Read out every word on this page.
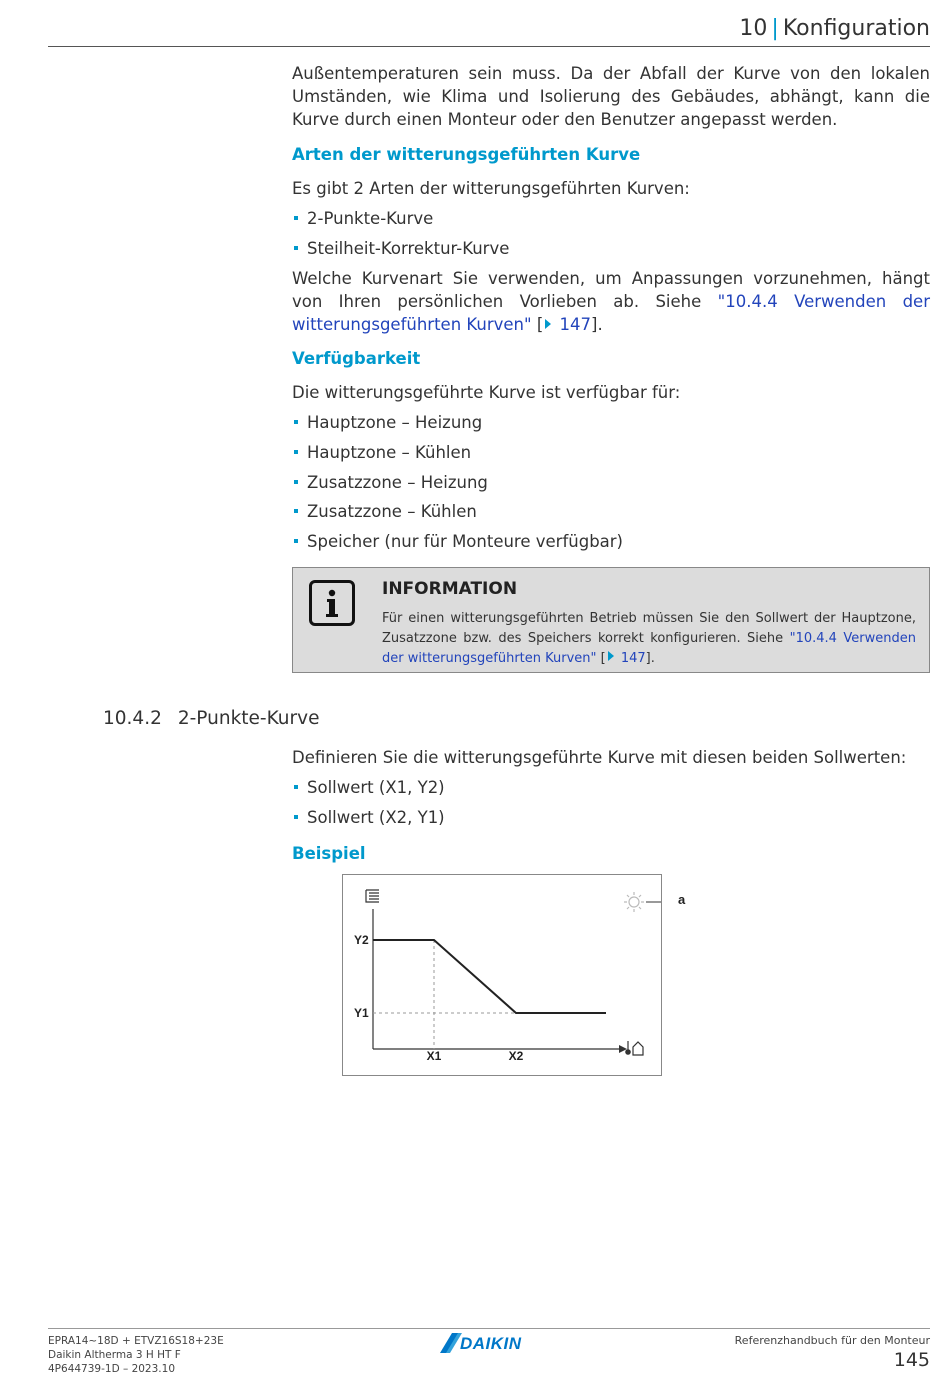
10 | Konfiguration

Außentemperaturen sein muss. Da der Abfall der Kurve von den lokalen Umständen, wie Klima und Isolierung des Gebäudes, abhängt, kann die Kurve durch einen Monteur oder den Benutzer angepasst werden.

Arten der witterungsgeführten Kurve

Es gibt 2 Arten der witterungsgeführten Kurven:

2-Punkte-Kurve

Steilheit-Korrektur-Kurve

Welche Kurvenart Sie verwenden, um Anpassungen vorzunehmen, hängt von Ihren persönlichen Vorlieben ab. Siehe "10.4.4 Verwenden der witterungsgeführten Kurven" [ 147].

Verfügbarkeit

Die witterungsgeführte Kurve ist verfügbar für:

Hauptzone – Heizung

Hauptzone – Kühlen

Zusatzzone – Heizung

Zusatzzone – Kühlen

Speicher (nur für Monteure verfügbar)

INFORMATION
Für einen witterungsgeführten Betrieb müssen Sie den Sollwert der Hauptzone, Zusatzzone bzw. des Speichers korrekt konfigurieren. Siehe "10.4.4 Verwenden der witterungsgeführten Kurven" [ 147].
10.4.2 2-Punkte-Kurve

Definieren Sie die witterungsgeführte Kurve mit diesen beiden Sollwerten:

Sollwert (X1, Y2)

Sollwert (X2, Y1)

Beispiel

Y2
Y1
X1	X2
a
EPRA14~18D + ETVZ16S18+23E
Daikin Altherma 3 H HT F
4P644739-1D – 2023.10
DAIKIN	Referenzhandbuch für den Monteur
145
